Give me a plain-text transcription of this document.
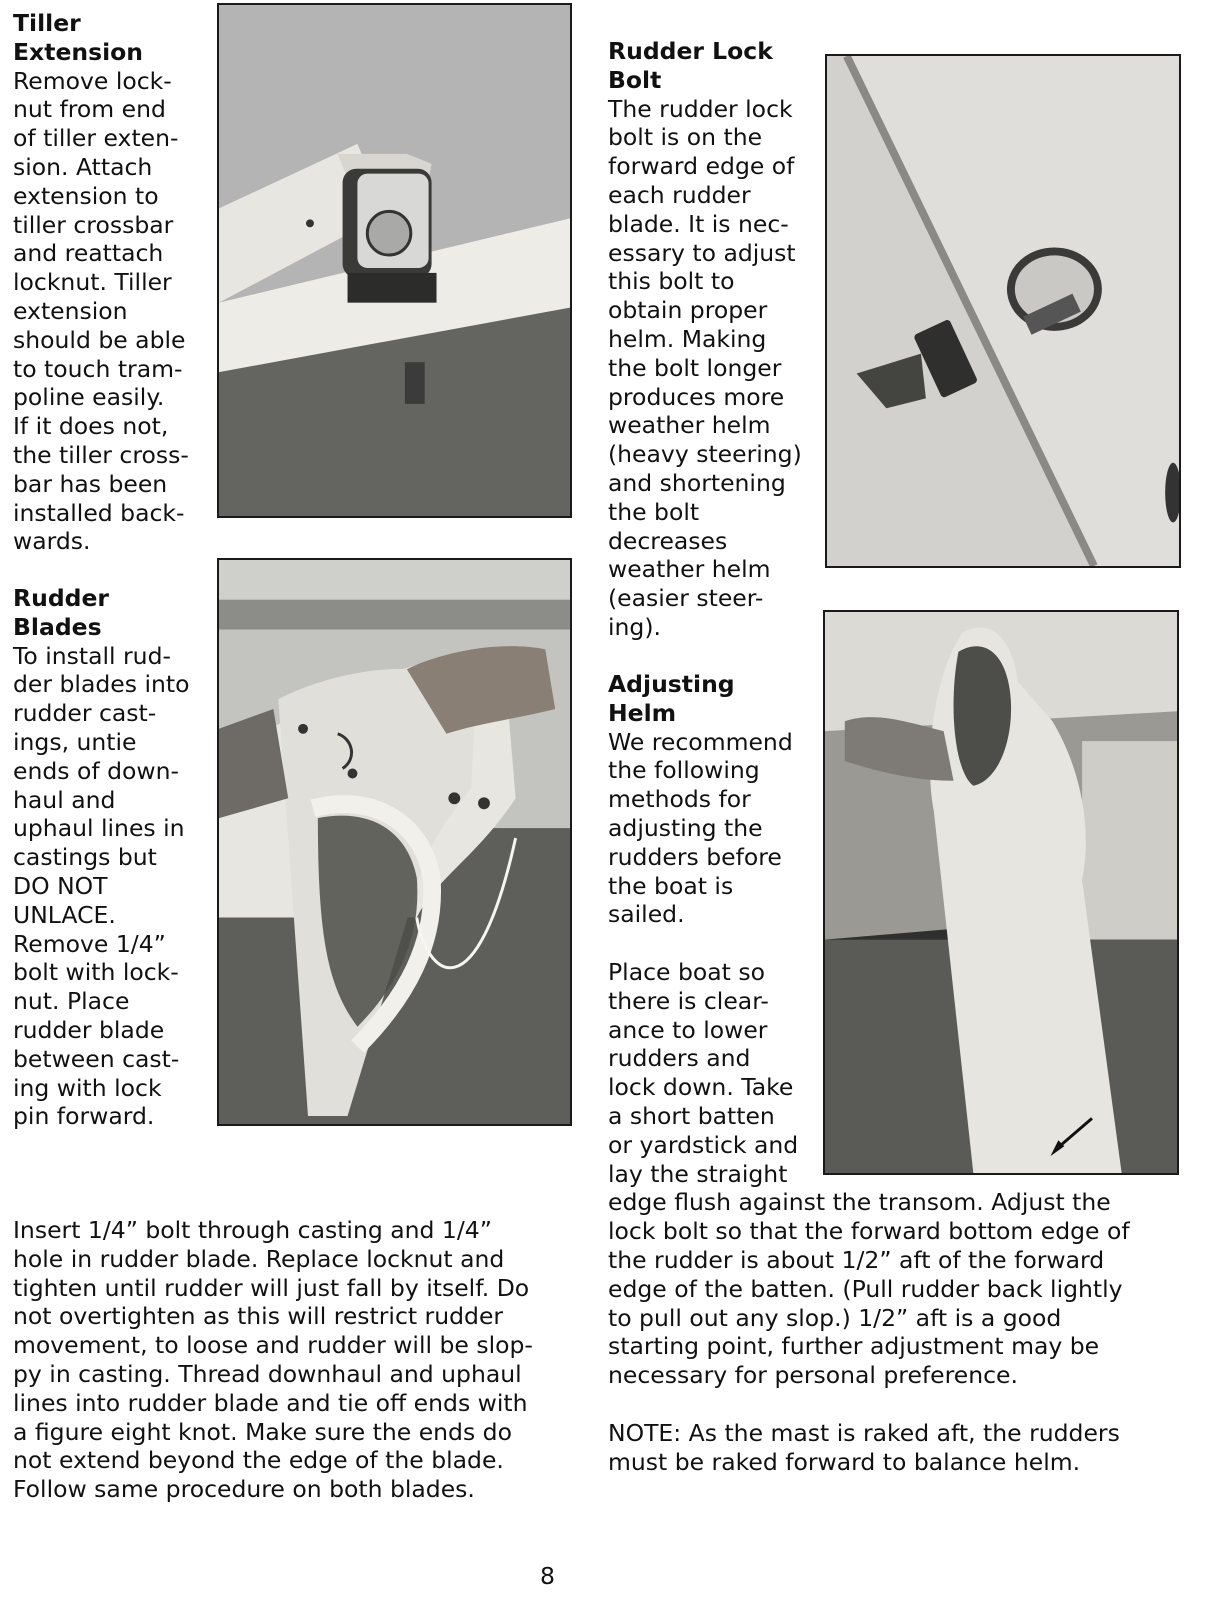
Tiller
Extension
Remove lock-
nut from end
of tiller exten-
sion. Attach
extension to
tiller crossbar
and reattach
locknut. Tiller
extension
should be able
to touch tram-
poline easily.
If it does not,
the tiller cross-
bar has been
installed back-
wards.
Rudder
Blades
To install rud-
der blades into
rudder cast-
ings, untie
ends of down-
haul and
uphaul lines in
castings but
DO NOT
UNLACE.
Remove 1/4”
bolt with lock-
nut. Place
rudder blade
between cast-
ing with lock
pin forward.
Insert 1/4” bolt through casting and 1/4”
hole in rudder blade. Replace locknut and
tighten until rudder will just fall by itself. Do
not overtighten as this will restrict rudder
movement, to loose and rudder will be slop-
py in casting. Thread downhaul and uphaul
lines into rudder blade and tie off ends with
a figure eight knot. Make sure the ends do
not extend beyond the edge of the blade.
Follow same procedure on both blades.
Rudder Lock
Bolt
The rudder lock
bolt is on the
forward edge of
each rudder
blade. It is nec-
essary to adjust
this bolt to
obtain proper
helm. Making
the bolt longer
produces more
weather helm
(heavy steering)
and shortening
the bolt
decreases
weather helm
(easier steer-
ing).
Adjusting
Helm
We recommend
the following
methods for
adjusting the
rudders before
the boat is
sailed.
Place boat so
there is clear-
ance to lower
rudders and
lock down. Take
a short batten
or yardstick and
lay the straight
edge flush against the transom. Adjust the
lock bolt so that the forward bottom edge of
the rudder is about 1/2” aft of the forward
edge of the batten. (Pull rudder back lightly
to pull out any slop.) 1/2” aft is a good
starting point, further adjustment may be
necessary for personal preference.
NOTE: As the mast is raked aft, the rudders
must be raked forward to balance helm.
8
